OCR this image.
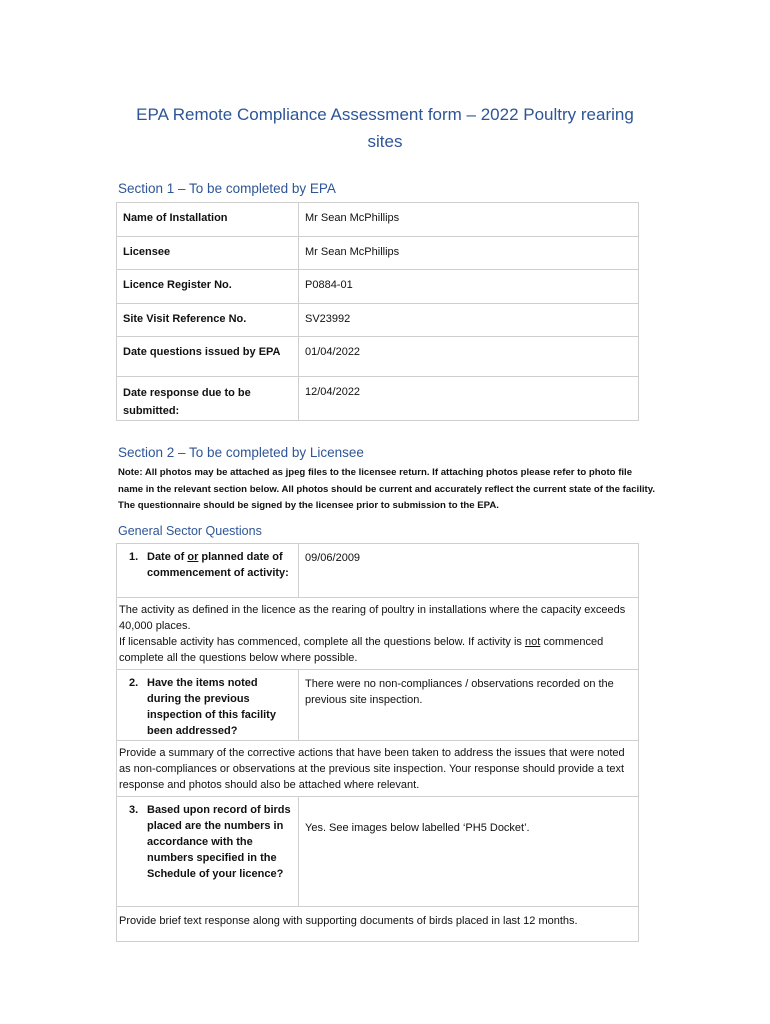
EPA Remote Compliance Assessment form – 2022 Poultry rearing
sites
Section 1 – To be completed by EPA
Name of Installation	Mr Sean McPhillips
Licensee	Mr Sean McPhillips
Licence Register No.	P0884-01
Site Visit Reference No.	SV23992
Date questions issued by EPA	01/04/2022
Date response due to be submitted:	12/04/2022
Section 2 – To be completed by Licensee
Note: All photos may be attached as jpeg files to the licensee return. If attaching photos please refer to photo file name in the relevant section below. All photos should be current and accurately reflect the current state of the facility. The questionnaire should be signed by the licensee prior to submission to the EPA.
General Sector Questions
1. Date of or planned date of commencement of activity:	09/06/2009

The activity as defined in the licence as the rearing of poultry in installations where the capacity exceeds 40,000 places.
If licensable activity has commenced, complete all the questions below. If activity is not commenced complete all the questions below where possible.	

2. Have the items noted during the previous inspection of this facility been addressed?	There were no non-compliances / observations recorded on the previous site inspection.
Provide a summary of the corrective actions that have been taken to address the issues that were noted as non-compliances or observations at the previous site inspection. Your response should provide a text response and photos should also be attached where relevant.	

3. Based upon record of birds placed are the numbers in accordance with the numbers specified in the Schedule of your licence?	Yes. See images below labelled ‘PH5 Docket’.
Provide brief text response along with supporting documents of birds placed in last 12 months.	
